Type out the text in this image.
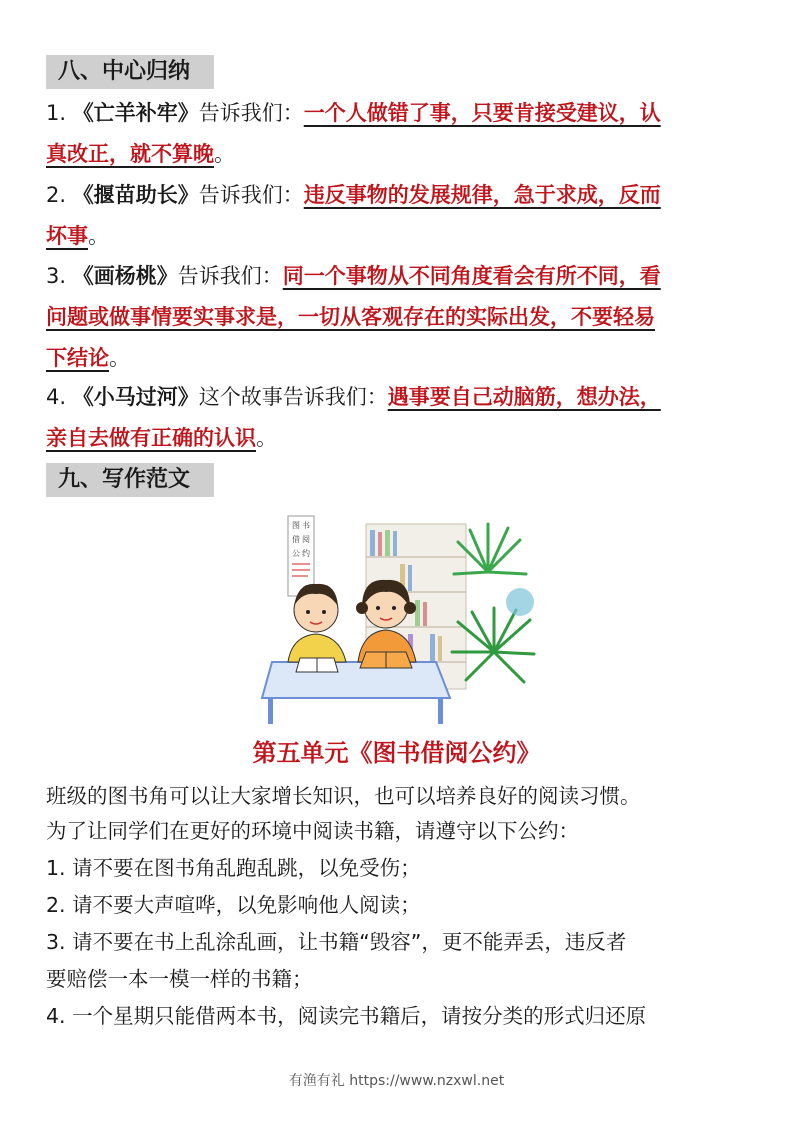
八、中心归纳
1. 《亡羊补牢》告诉我们：一个人做错了事，只要肯接受建议，认
真改正，就不算晚。
2. 《揠苗助长》告诉我们：违反事物的发展规律，急于求成，反而
坏事。
3. 《画杨桃》告诉我们：同一个事物从不同角度看会有所不同，看
问题或做事情要实事求是，一切从客观存在的实际出发，不要轻易
下结论。
4. 《小马过河》这个故事告诉我们：遇事要自己动脑筋，想办法，
亲自去做有正确的认识。
九、写作范文
图 书
借 阅
公 约
第五单元《图书借阅公约》
班级的图书角可以让大家增长知识，也可以培养良好的阅读习惯。
为了让同学们在更好的环境中阅读书籍，请遵守以下公约：
1. 请不要在图书角乱跑乱跳，以免受伤；
2. 请不要大声喧哗，以免影响他人阅读；
3. 请不要在书上乱涂乱画，让书籍“毁容”，更不能弄丢，违反者
要赔偿一本一模一样的书籍；
4. 一个星期只能借两本书，阅读完书籍后，请按分类的形式归还原
有渔有礼 https://www.nzxwl.net
